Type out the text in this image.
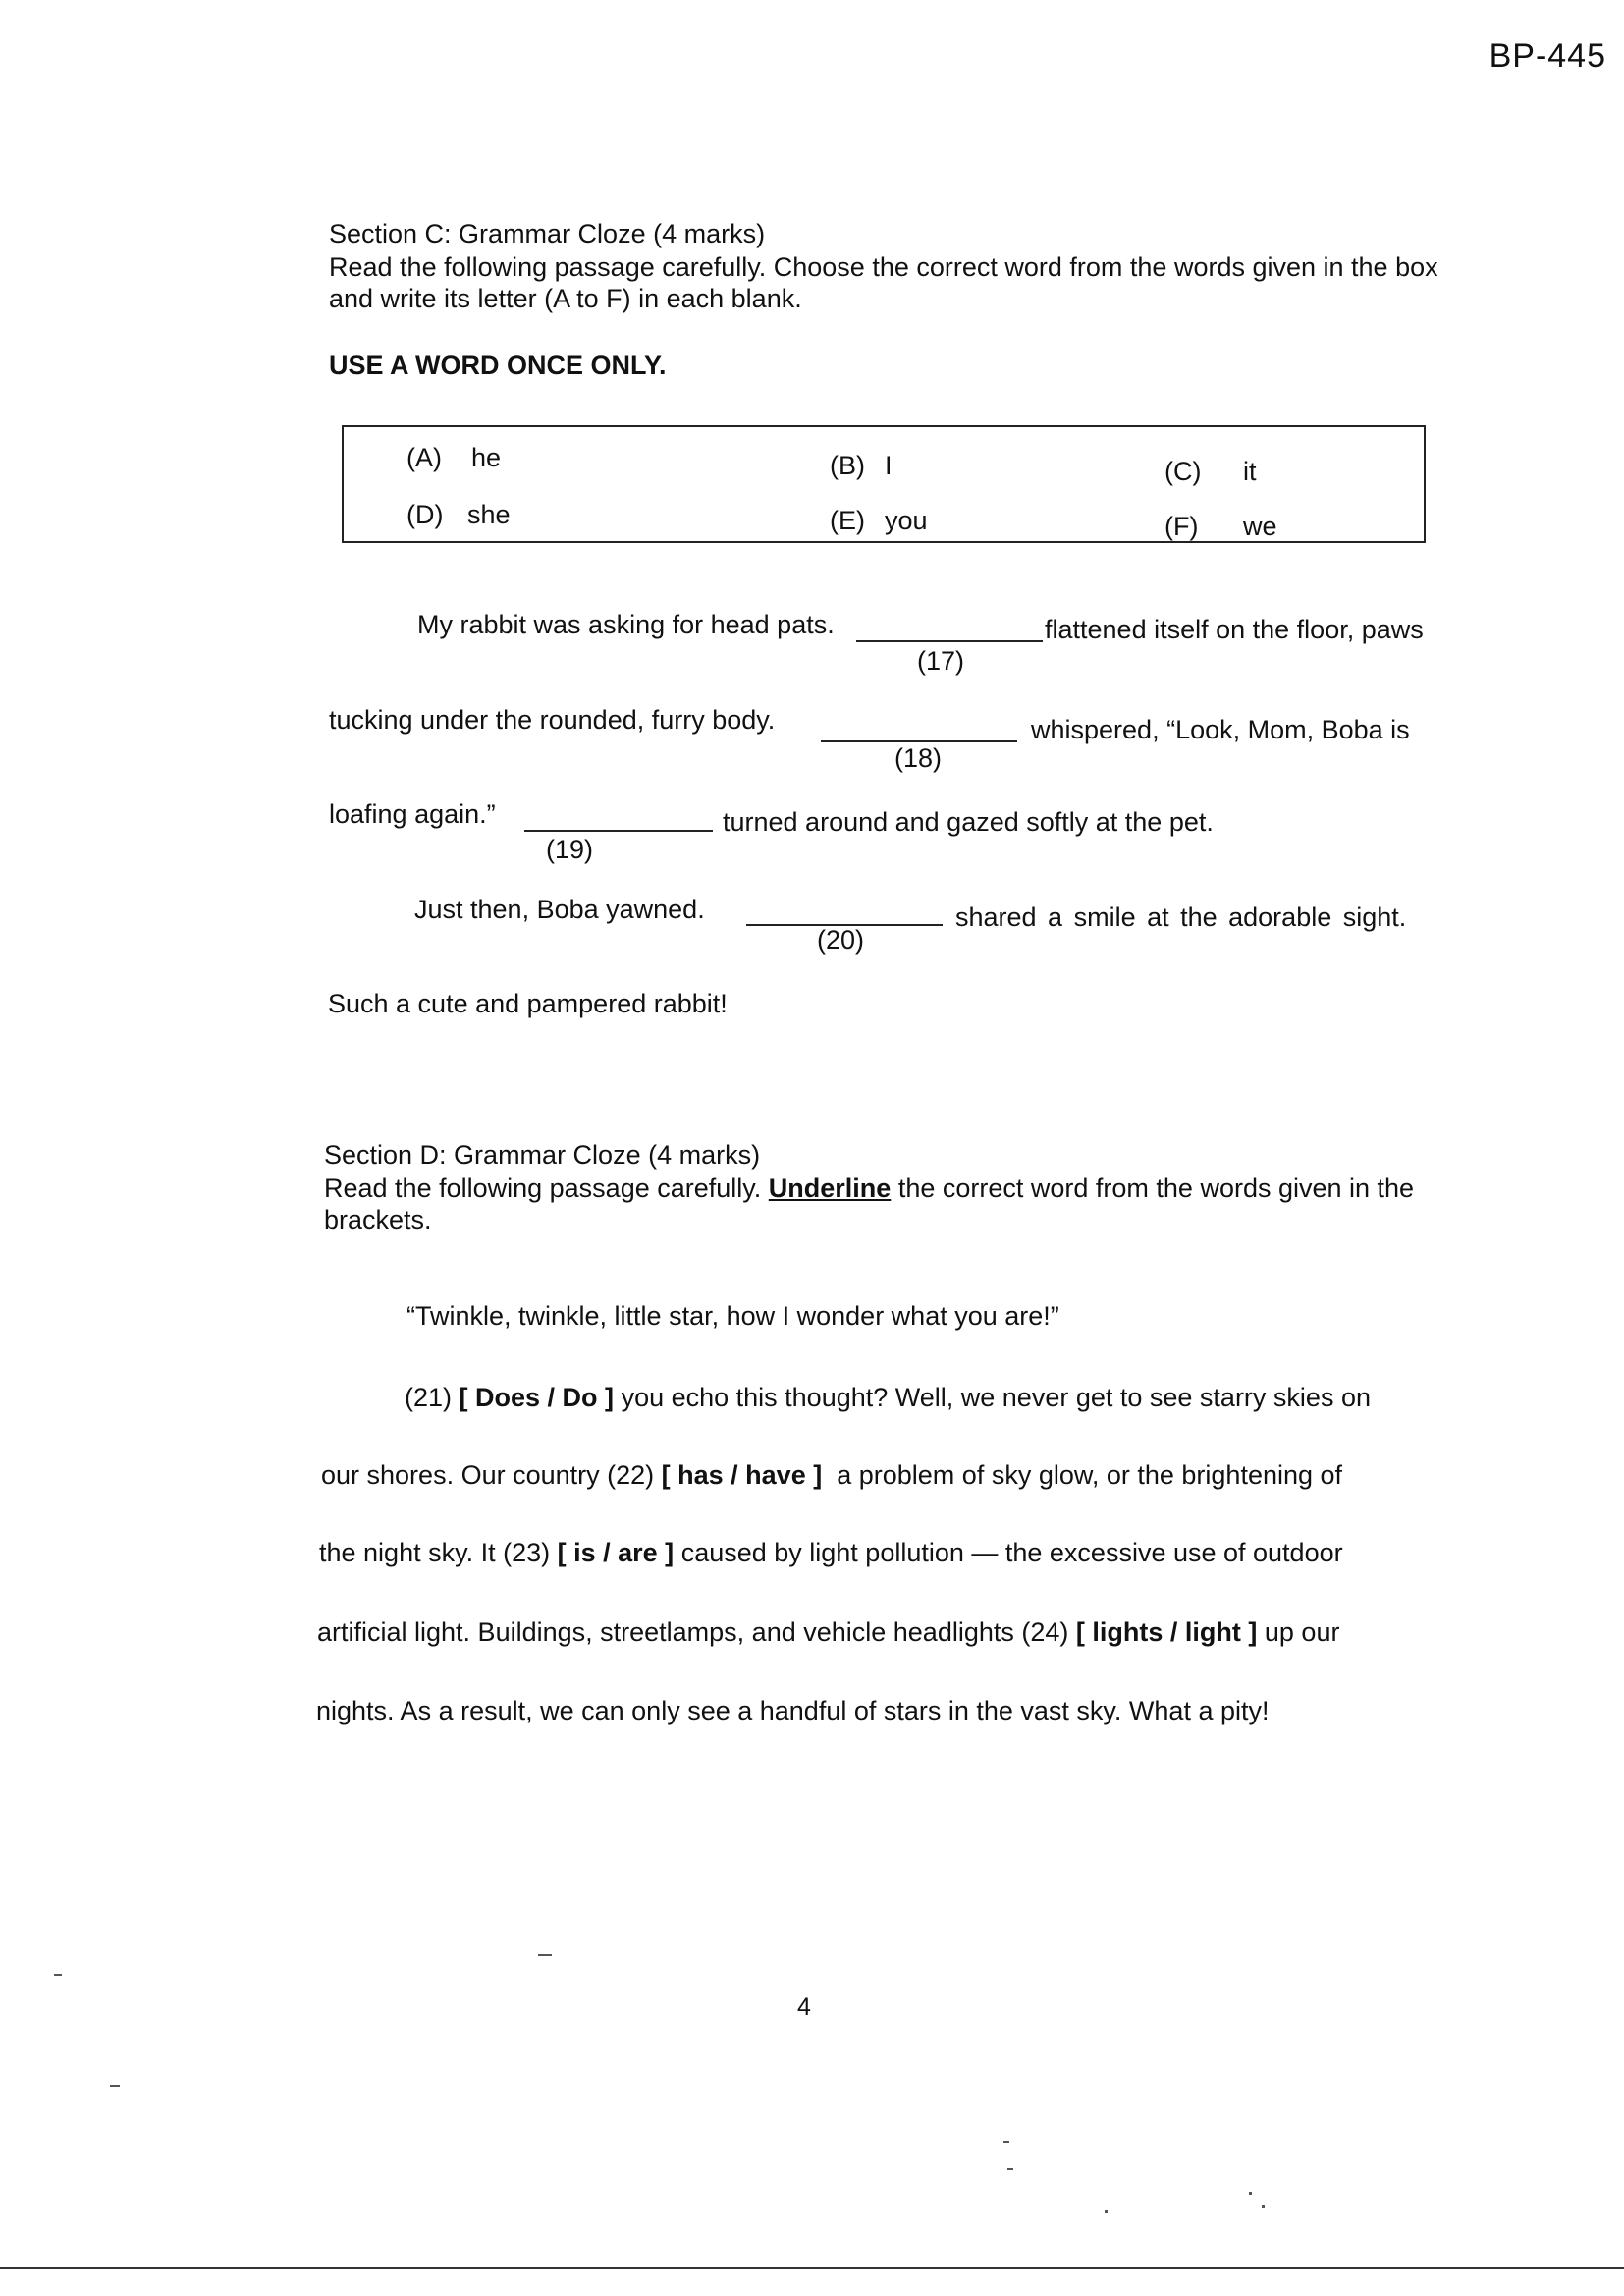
BP-445
Section C: Grammar Cloze (4 marks)
Read the following passage carefully. Choose the correct word from the words given in the box and write its letter (A to F) in each blank.
USE A WORD ONCE ONLY.
(A) he	(B) I	(C) it
(D) she	(E) you	(F) we
My rabbit was asking for head pats.
(17)
flattened itself on the floor, paws
tucking under the rounded, furry body.
(18)
whispered, “Look, Mom, Boba is
loafing again.”
(19)
turned around and gazed softly at the pet.
Just then, Boba yawned.
(20)
shared a smile at the adorable sight.
Such a cute and pampered rabbit!
Section D: Grammar Cloze (4 marks)
Read the following passage carefully. Underline the correct word from the words given in the brackets.
“Twinkle, twinkle, little star, how I wonder what you are!”
(21) [ Does / Do ] you echo this thought? Well, we never get to see starry skies on
our shores. Our country (22) [ has / have ] a problem of sky glow, or the brightening of
the night sky. It (23) [ is / are ] caused by light pollution — the excessive use of outdoor
artificial light. Buildings, streetlamps, and vehicle headlights (24) [ lights / light ] up our
nights. As a result, we can only see a handful of stars in the vast sky. What a pity!
4
